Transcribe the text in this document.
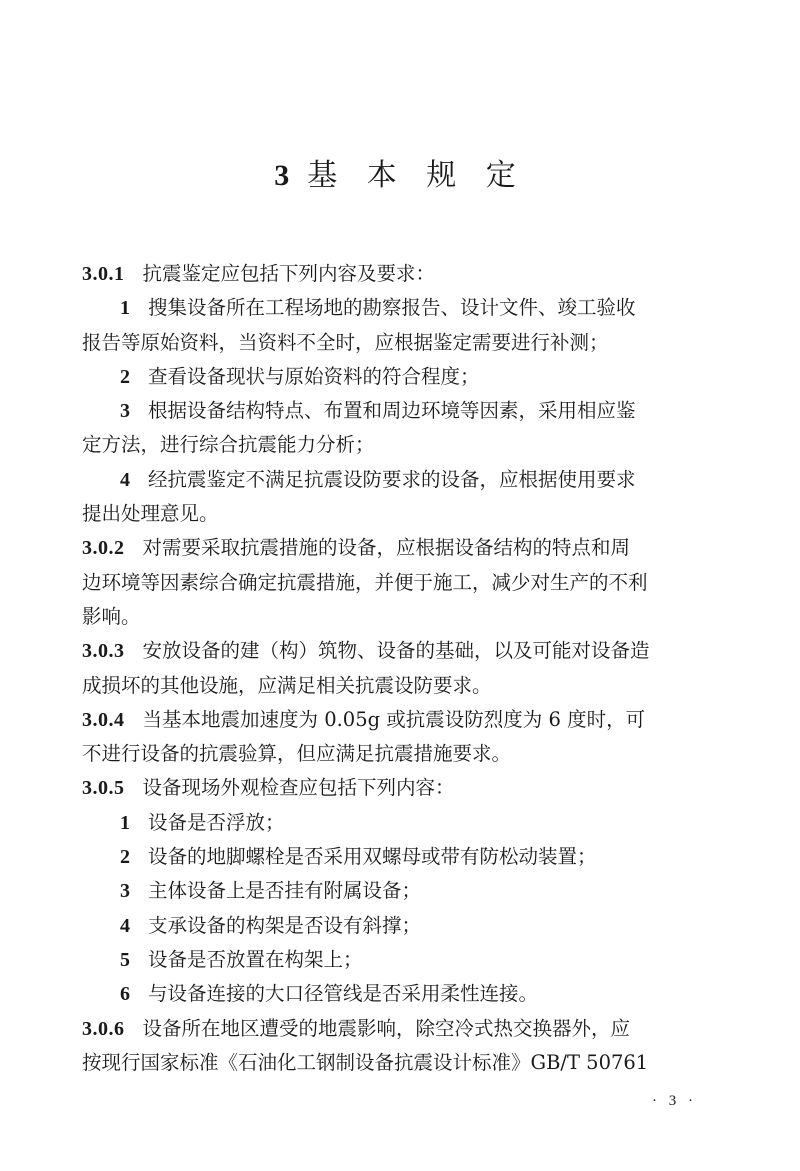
3 基 本 规 定
3.0.1 抗震鉴定应包括下列内容及要求：
1 搜集设备所在工程场地的勘察报告、设计文件、竣工验收
报告等原始资料，当资料不全时，应根据鉴定需要进行补测；
2 查看设备现状与原始资料的符合程度；
3 根据设备结构特点、布置和周边环境等因素，采用相应鉴
定方法，进行综合抗震能力分析；
4 经抗震鉴定不满足抗震设防要求的设备，应根据使用要求
提出处理意见。
3.0.2 对需要采取抗震措施的设备，应根据设备结构的特点和周
边环境等因素综合确定抗震措施，并便于施工，减少对生产的不利
影响。
3.0.3 安放设备的建（构）筑物、设备的基础，以及可能对设备造
成损坏的其他设施，应满足相关抗震设防要求。
3.0.4 当基本地震加速度为 0.05g 或抗震设防烈度为 6 度时，可
不进行设备的抗震验算，但应满足抗震措施要求。
3.0.5 设备现场外观检查应包括下列内容：
1 设备是否浮放；
2 设备的地脚螺栓是否采用双螺母或带有防松动装置；
3 主体设备上是否挂有附属设备；
4 支承设备的构架是否设有斜撑；
5 设备是否放置在构架上；
6 与设备连接的大口径管线是否采用柔性连接。
3.0.6 设备所在地区遭受的地震影响，除空冷式热交换器外，应
按现行国家标准《石油化工钢制设备抗震设计标准》GB/T 50761
· 3 ·
